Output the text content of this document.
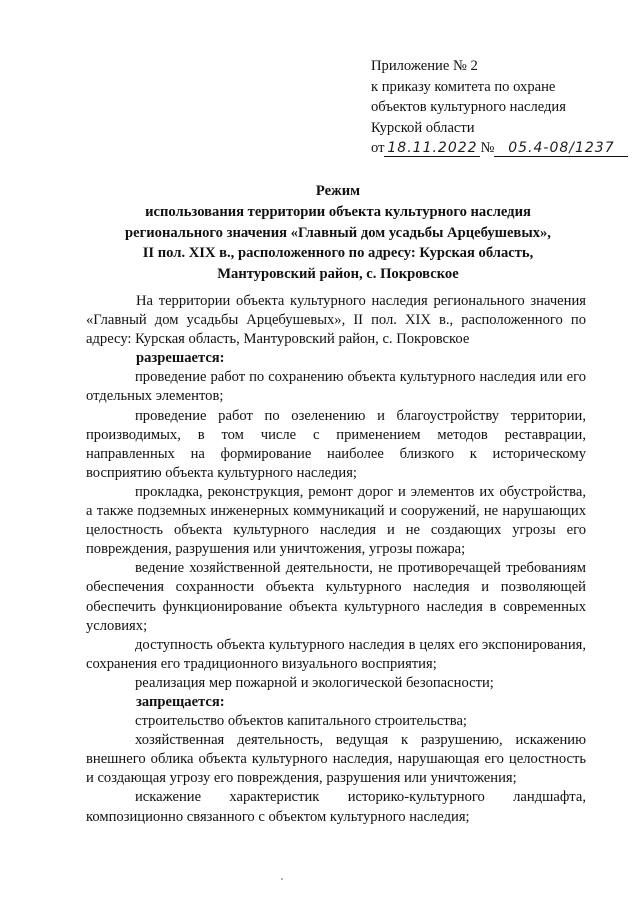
Приложение № 2
к приказу комитета по охране
объектов культурного наследия
Курской области
от 18.11.2022 № 05.4-08/1237
Режим
использования территории объекта культурного наследия
регионального значения «Главный дом усадьбы Арцебушевых»,
II пол. XIX в., расположенного по адресу: Курская область,
Мантуровский район, с. Покровское

На территории объекта культурного наследия регионального значения «Главный дом усадьбы Арцебушевых», II пол. XIX в., расположенного по адресу: Курская область, Мантуровский район, с. Покровское

разрешается:

проведение работ по сохранению объекта культурного наследия или его отдельных элементов;

проведение работ по озеленению и благоустройству территории, производимых, в том числе с применением методов реставрации, направленных на формирование наиболее близкого к историческому восприятию объекта культурного наследия;

прокладка, реконструкция, ремонт дорог и элементов их обустройства, а также подземных инженерных коммуникаций и сооружений, не нарушающих целостность объекта культурного наследия и не создающих угрозы его повреждения, разрушения или уничтожения, угрозы пожара;

ведение хозяйственной деятельности, не противоречащей требованиям обеспечения сохранности объекта культурного наследия и позволяющей обеспечить функционирование объекта культурного наследия в современных условиях;

доступность объекта культурного наследия в целях его экспонирования, сохранения его традиционного визуального восприятия;

реализация мер пожарной и экологической безопасности;

запрещается:

строительство объектов капитального строительства;

хозяйственная деятельность, ведущая к разрушению, искажению внешнего облика объекта культурного наследия, нарушающая его целостность и создающая угрозу его повреждения, разрушения или уничтожения;

искажение характеристик историко-культурного ландшафта, композиционно связанного с объектом культурного наследия;
